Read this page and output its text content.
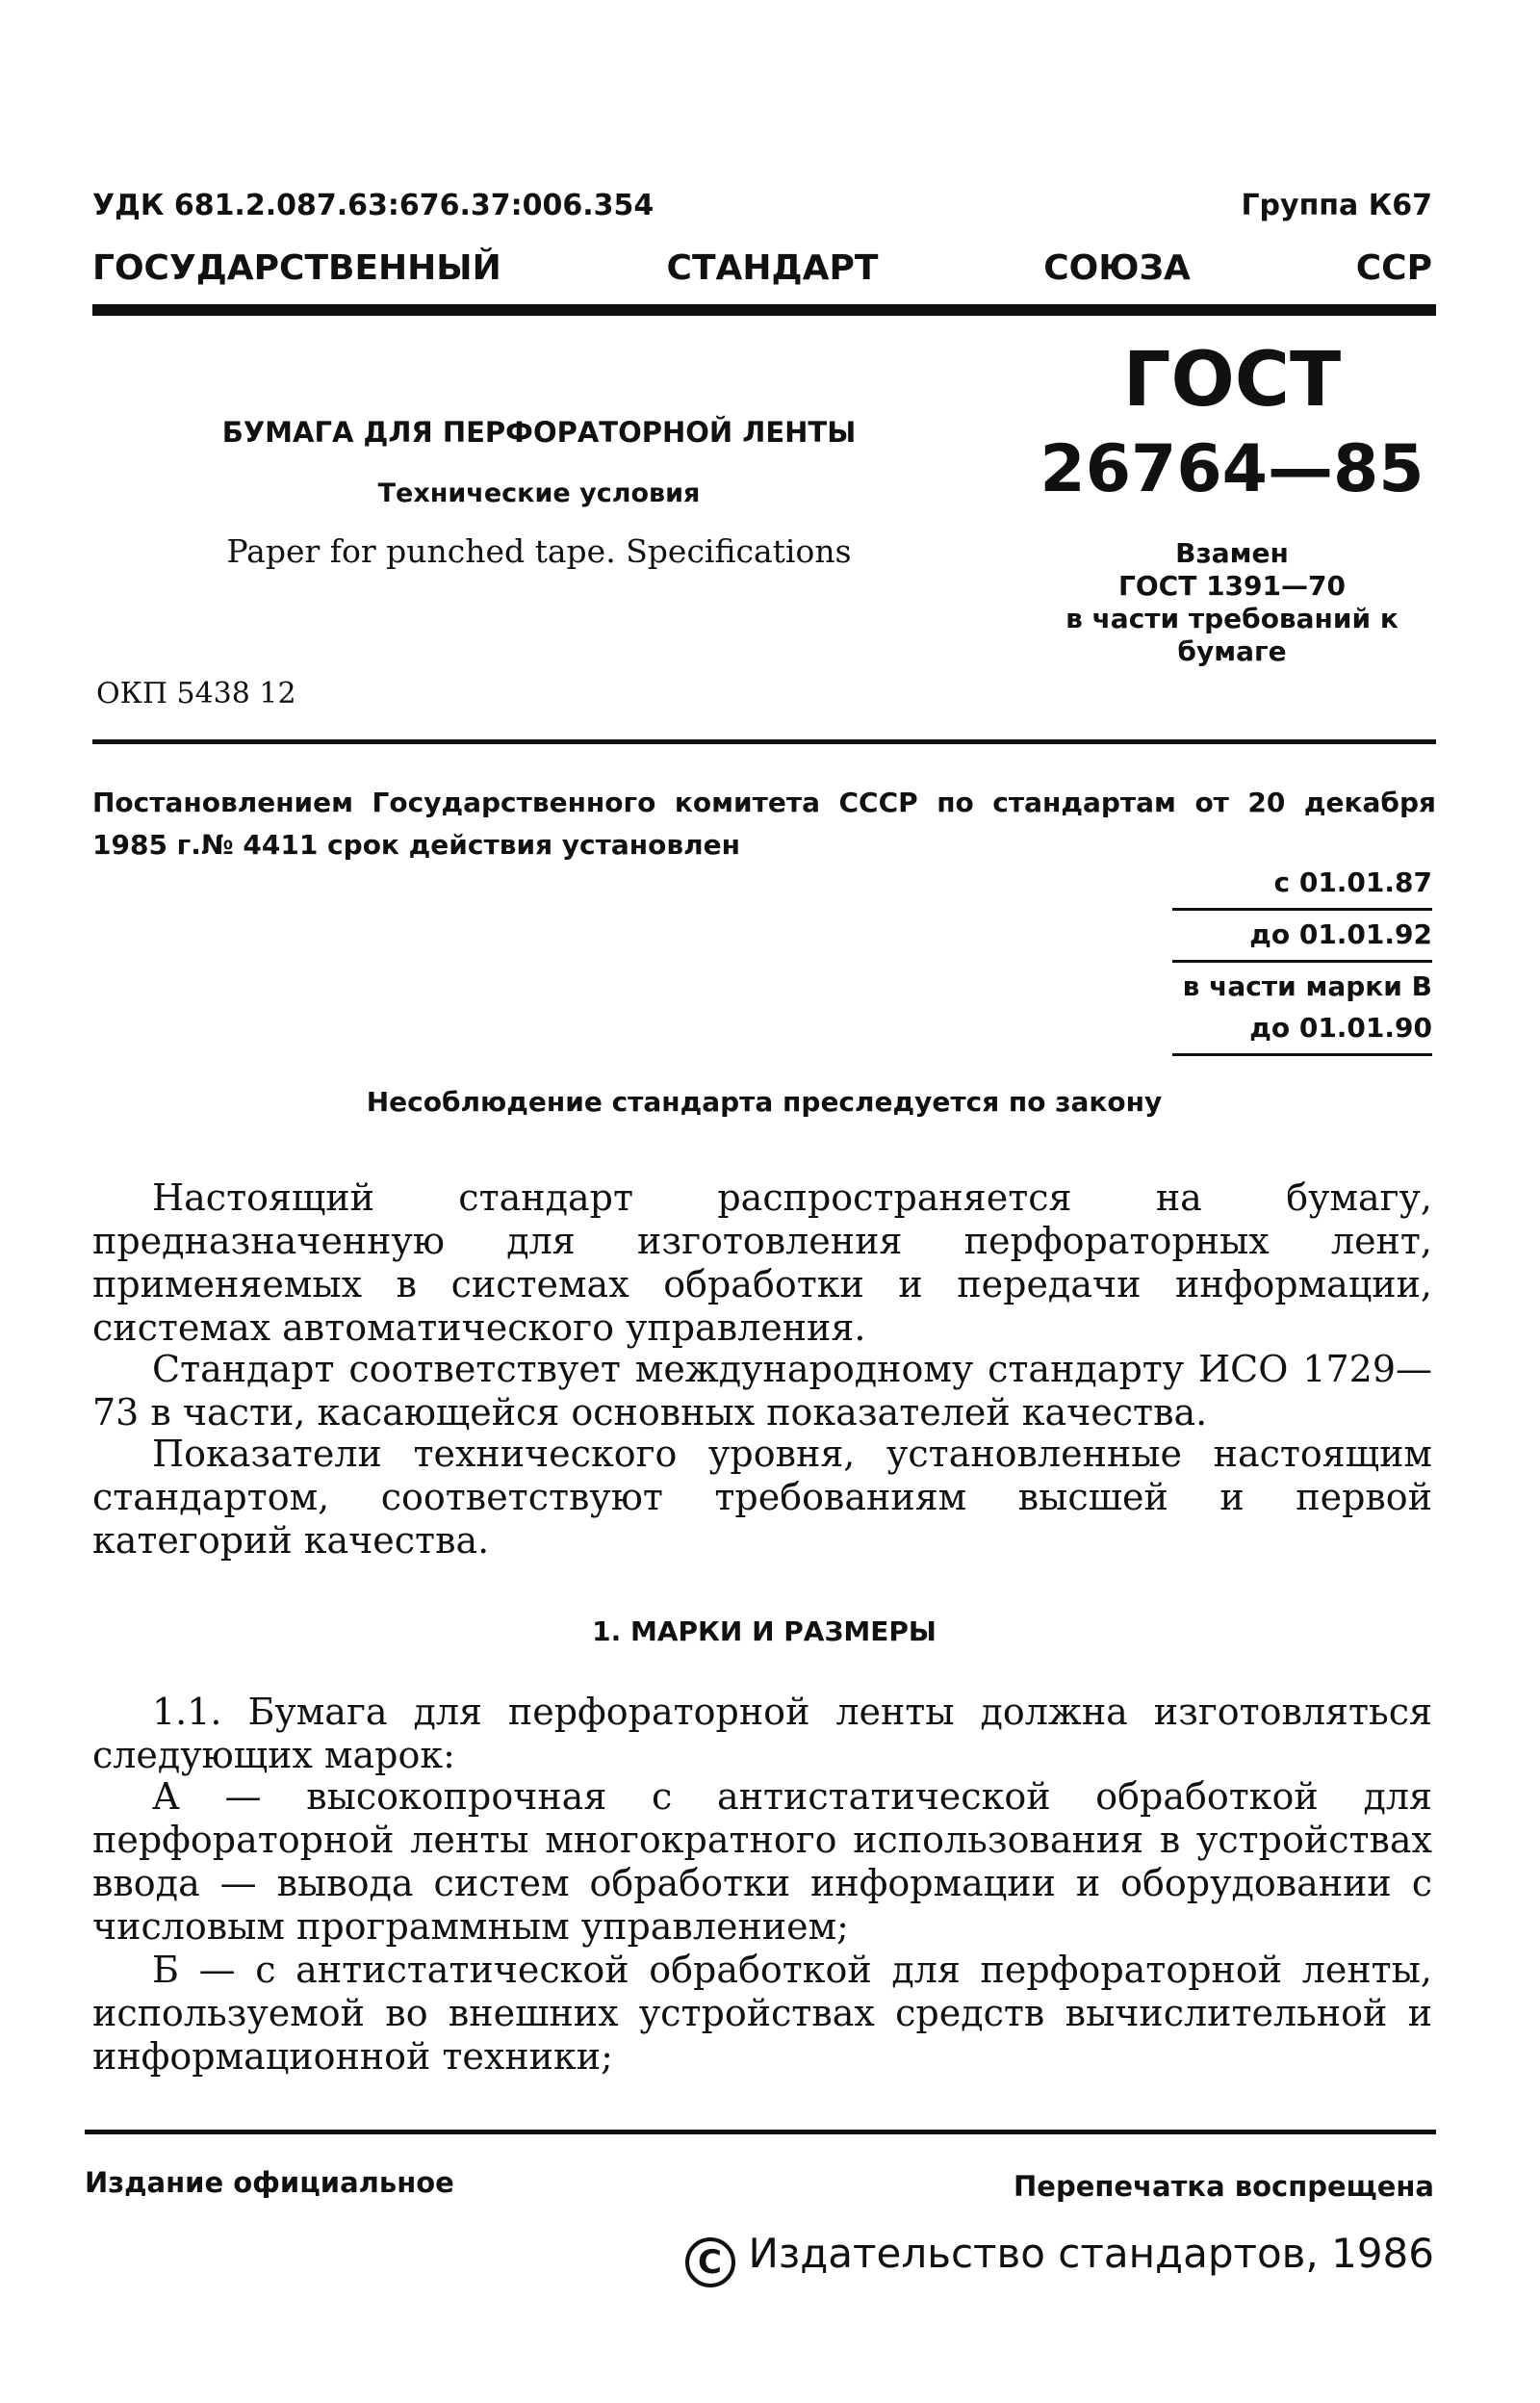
УДК 681.2.087.63:676.37:006.354	Группа К67
ГОСУДАРСТВЕННЫЙ	СТАНДАРТ	СОЮЗА	ССР
БУМАГА ДЛЯ ПЕРФОРАТОРНОЙ ЛЕНТЫ
Технические условия
Paper for punched tape. Specifications
ОКП 5438 12
ГОСТ
26764—85
Взамен
ГОСТ 1391—70
в части требований к
бумаге
Постановлением Государственного комитета СССР по стандартам от 20 декабря 1985 г.№ 4411 срок действия установлен
с 01.01.87
до 01.01.92
в части марки В
до 01.01.90
Несоблюдение стандарта преследуется по закону
Настоящий стандарт распространяется на бумагу, предназначенную для изготовления перфораторных лент, применяемых в системах обработки и передачи информации, системах автоматического управления.
Стандарт соответствует международному стандарту ИСО 1729—73 в части, касающейся основных показателей качества.
Показатели технического уровня, установленные настоящим стандартом, соответствуют требованиям высшей и первой категорий качества.
1. МАРКИ И РАЗМЕРЫ
1.1. Бумага для перфораторной ленты должна изготовляться следующих марок:
А — высокопрочная с антистатической обработкой для перфораторной ленты многократного использования в устройствах ввода — вывода систем обработки информации и оборудовании с числовым программным управлением;
Б — с антистатической обработкой для перфораторной ленты, используемой во внешних устройствах средств вычислительной и информационной техники;
Издание официальное	Перепечатка воспрещена
C Издательство стандартов, 1986
